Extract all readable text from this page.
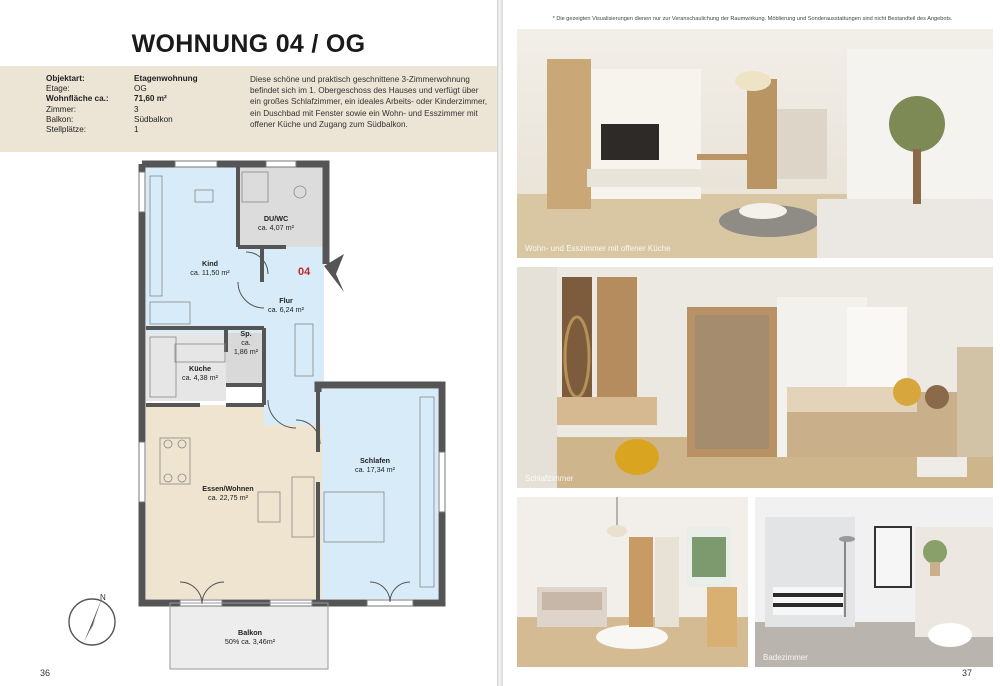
WOHNUNG 04 / OG
Objektart:	Etagenwohnung
Etage:	OG
Wohnfläche ca.:	71,60 m²
Zimmer:	3
Balkon:	Südbalkon
Stellplätze:	1
Diese schöne und praktisch geschnittene 3-Zimmerwohnung befindet sich im 1. Obergeschoss des Hauses und verfügt über ein großes Schlafzimmer, ein ideales Arbeits- oder Kinderzimmer, ein Duschbad mit Fenster sowie ein Wohn- und Esszimmer mit offener Küche und Zugang zum Südbalkon.
N
04
DU/WC
ca. 4,07 m²
Kind
ca. 11,50 m²
Flur
ca. 6,24 m²
Sp.
ca.
1,86 m²
Küche
ca. 4,38 m²
Schlafen
ca. 17,34 m²
Essen/Wohnen
ca. 22,75 m²
Balkon
50% ca. 3,46m²
36
* Die gezeigten Visualisierungen dienen nur zur Veranschaulichung der Raumwirkung. Möblierung und Sonderausstattungen sind nicht Bestandteil des Angebots.
Wohn- und Esszimmer mit offener Küche
Schlafzimmer
Badezimmer
37
